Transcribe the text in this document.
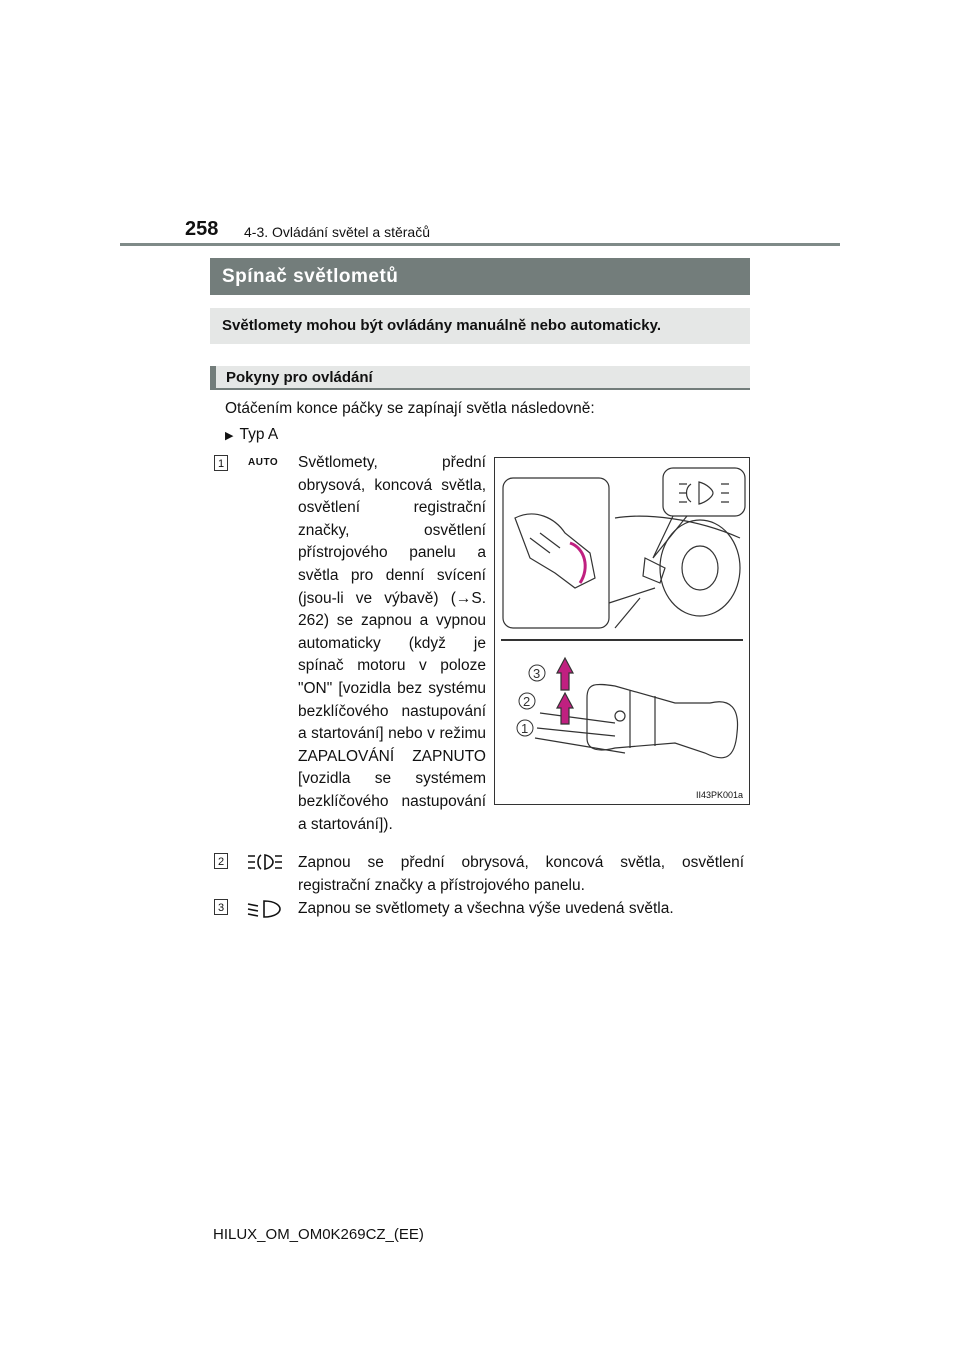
258 4-3. Ovládání světel a stěračů
Spínač světlometů
Světlomety mohou být ovládány manuálně nebo automaticky.
Pokyny pro ovládání
Otáčením konce páčky se zapínají světla následovně:
▶ Typ A
1	AUTO Světlomety, přední obrysová, koncová světla, osvětlení registrační značky, osvětlení přístrojového panelu a světla pro denní svícení (jsou-li ve výbavě) (→S. 262) se zapnou a vypnou automaticky (když je spínač motoru v poloze "ON" [vozidla bez systému bezklíčového nastupování a startování] nebo v režimu ZAPALOVÁNÍ ZAPNUTO [vozidla se systémem bezklíčového nastupování a startování]).
3
2
1
II43PK001a
2	Zapnou se přední obrysová, koncová světla, osvětlení registrační značky a přístrojového panelu.
3	Zapnou se světlomety a všechna výše uvedená světla.
HILUX_OM_OM0K269CZ_(EE)
